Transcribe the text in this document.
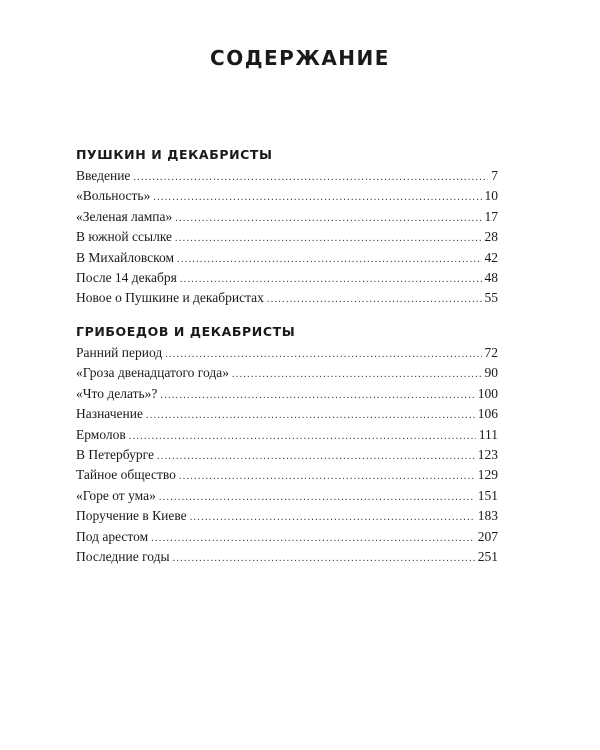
СОДЕРЖАНИЕ
ПУШКИН И ДЕКАБРИСТЫ
Введение .....	7
«Вольность» .....	10
«Зеленая лампа» .....	17
В южной ссылке .....	28
В Михайловском .....	42
После 14 декабря .....	48
Новое о Пушкине и декабристах .....	55
ГРИБОЕДОВ И ДЕКАБРИСТЫ
Ранний период .....	72
«Гроза двенадцатого года» .....	90
«Что делать»? .....	100
Назначение .....	106
Ермолов .....	111
В Петербурге .....	123
Тайное общество .....	129
«Горе от ума» .....	151
Поручение в Киеве .....	183
Под арестом .....	207
Последние годы .....	251
